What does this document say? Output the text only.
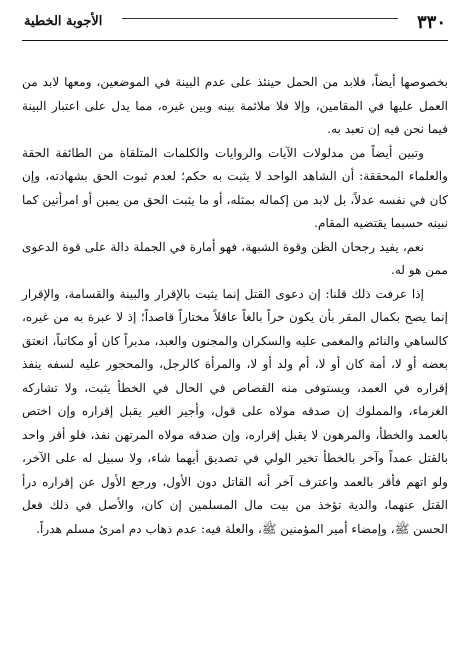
٣٣٠
الأجوبة الخطية

بخصوصها أيضاً، فلابد من الحمل حينئذ على عدم البينة في الموضعين، ومعها لابد من العمل عليها في المقامين، وإلا فلا ملائمة بينه وبين غيره، مما يدل على اعتبار البينة فيما نحن فيه إن تعبد به.

وتبين أيضاً من مدلولات الآيات والروايات والكلمات المتلقاة من الطائفة الحقة والعلماء المحققة: أن الشاهد الواحد لا يثبت به حكم؛ لعدم ثبوت الحق بشهادته، وإن كان في نفسه عدلاً، بل لابد من إكماله بمثله، أو ما يثبت الحق من يمين أو امرأتين كما نبينه حسبما يقتضيه المقام.

نعم، يفيد رجحان الظن وقوة الشبهة، فهو أمارة في الجملة دالة على قوة الدعوى ممن هو له.

إذا عرفت ذلك قلنا: إن دعوى القتل إنما يثبت بالإقرار والبينة والقسامة، والإقرار إنما يصح بكمال المقر بأن يكون حراً بالغاً عاقلاً مختاراً قاصداً؛ إذ لا عبرة به من غيره، كالساهي والنائم والمغمى عليه والسكران والمجنون والعبد، مدبراً كان أو مكاتباً، انعتق بعضه أو لا، أمة كان أو لا، أم ولد أو لا، والمرأة كالرجل، والمحجور عليه لسفه ينفذ إقراره في العمد، ويستوفى منه القصاص في الحال في الخطأ يثبت، ولا تشاركه الغرماء، والمملوك إن صدقه مولاه على قول، وأجير الغير يقبل إقراره وإن اختص بالعمد والخطأ، والمرهون لا يقبل إقراره، وإن صدقه مولاه المرتهن نفذ، فلو أقر واحد بالقتل عمداً وآخر بالخطأ تخير الولي في تصديق أيهما شاء، ولا سبيل له على الآخر، ولو اتهم فأقر بالعمد واعترف آخر أنه القاتل دون الأول، ورجع الأول عن إقراره درأ القتل عنهما، والدية تؤخذ من بيت مال المسلمين إن كان، والأصل في ذلك فعل الحسن ﷺ، وإمضاء أمير المؤمنين ﷺ، والعلة فيه: عدم ذهاب دم امرئ مسلم هدراً.
